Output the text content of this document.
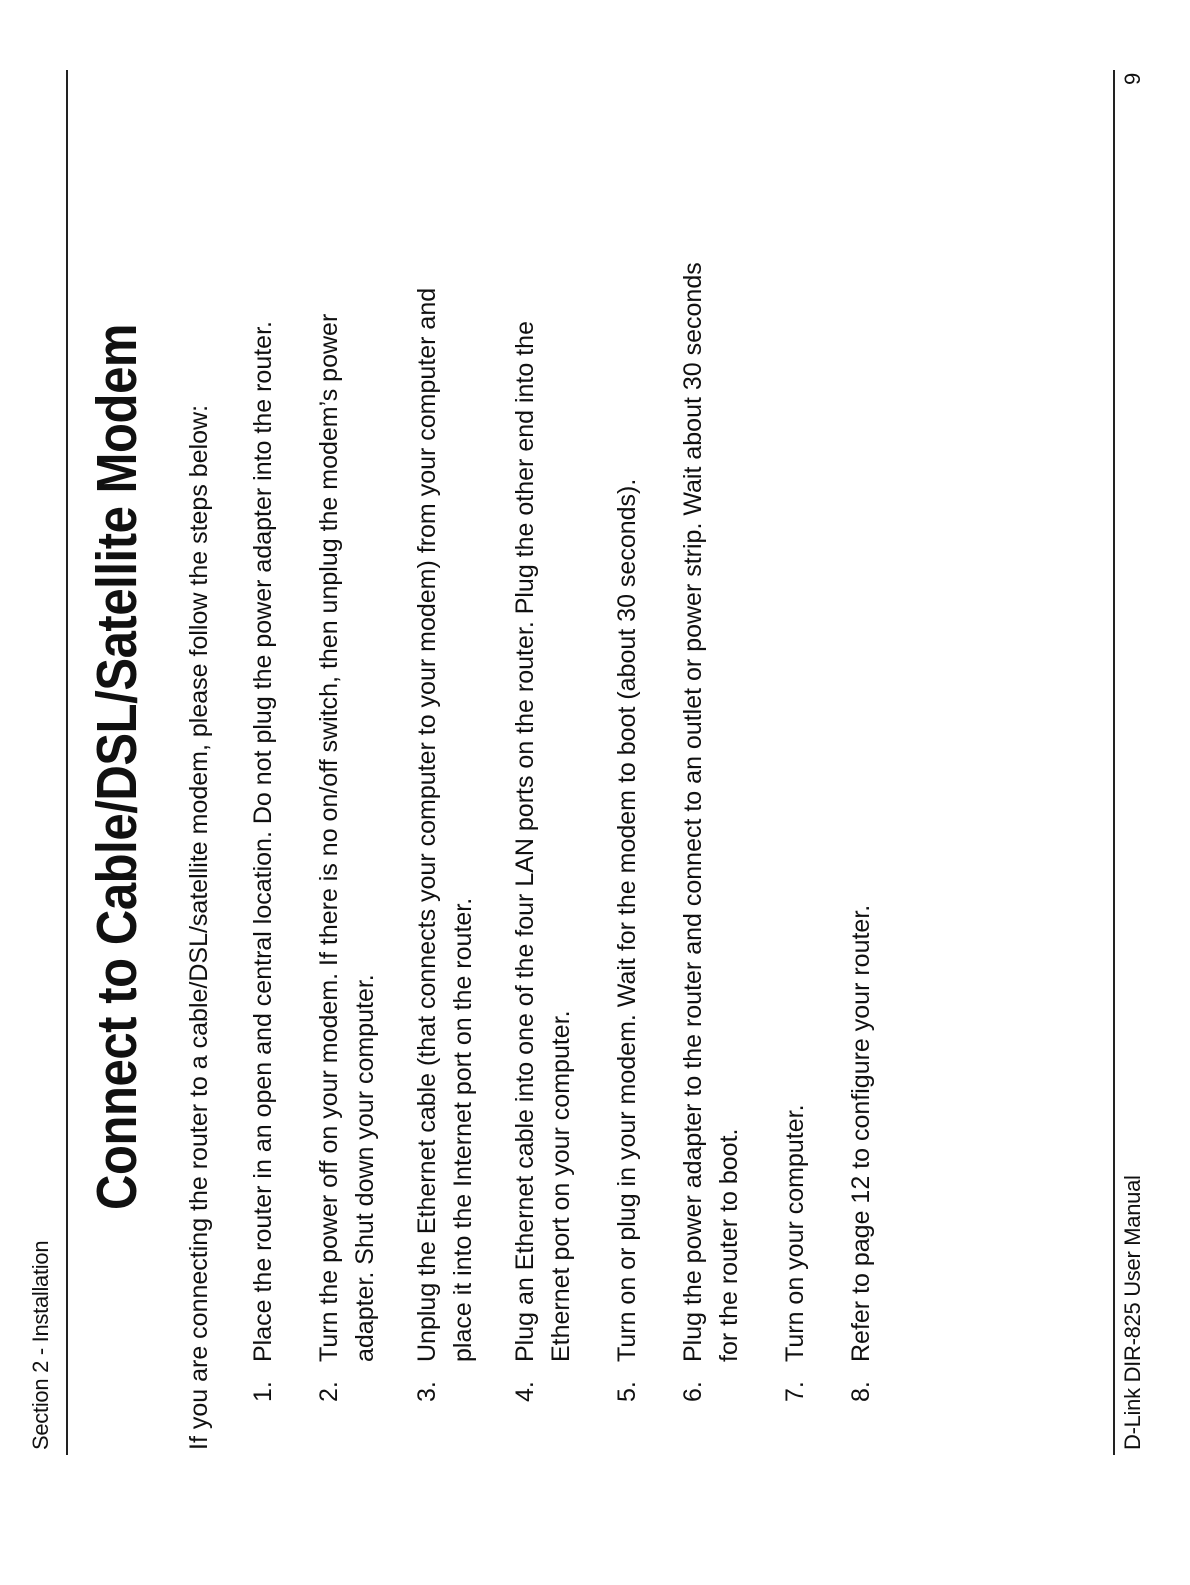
Section 2 - Installation
Connect to Cable/DSL/Satellite Modem If you are connecting the router to a cable/DSL/satellite modem, please follow the steps below: 1.
Place the router in an open and central location. Do not plug the power adapter into the router.
2.
Turn the power off on your modem. If there is no on/off switch, then unplug the modem’s power adapter. Shut down your computer.
3.
Unplug the Ethernet cable (that connects your computer to your modem) from your computer and place it into the Internet port on the router.
4.
Plug an Ethernet cable into one of the four LAN ports on the router. Plug the other end into the Ethernet port on your computer.
5.
Turn on or plug in your modem. Wait for the modem to boot (about 30 seconds).
6.
Plug the power adapter to the router and connect to an outlet or power strip. Wait about 30 seconds for the router to boot.
7.
Turn on your computer.
8.
Refer to page 12 to configure your router.	D-Link DIR-825 User Manual
9
